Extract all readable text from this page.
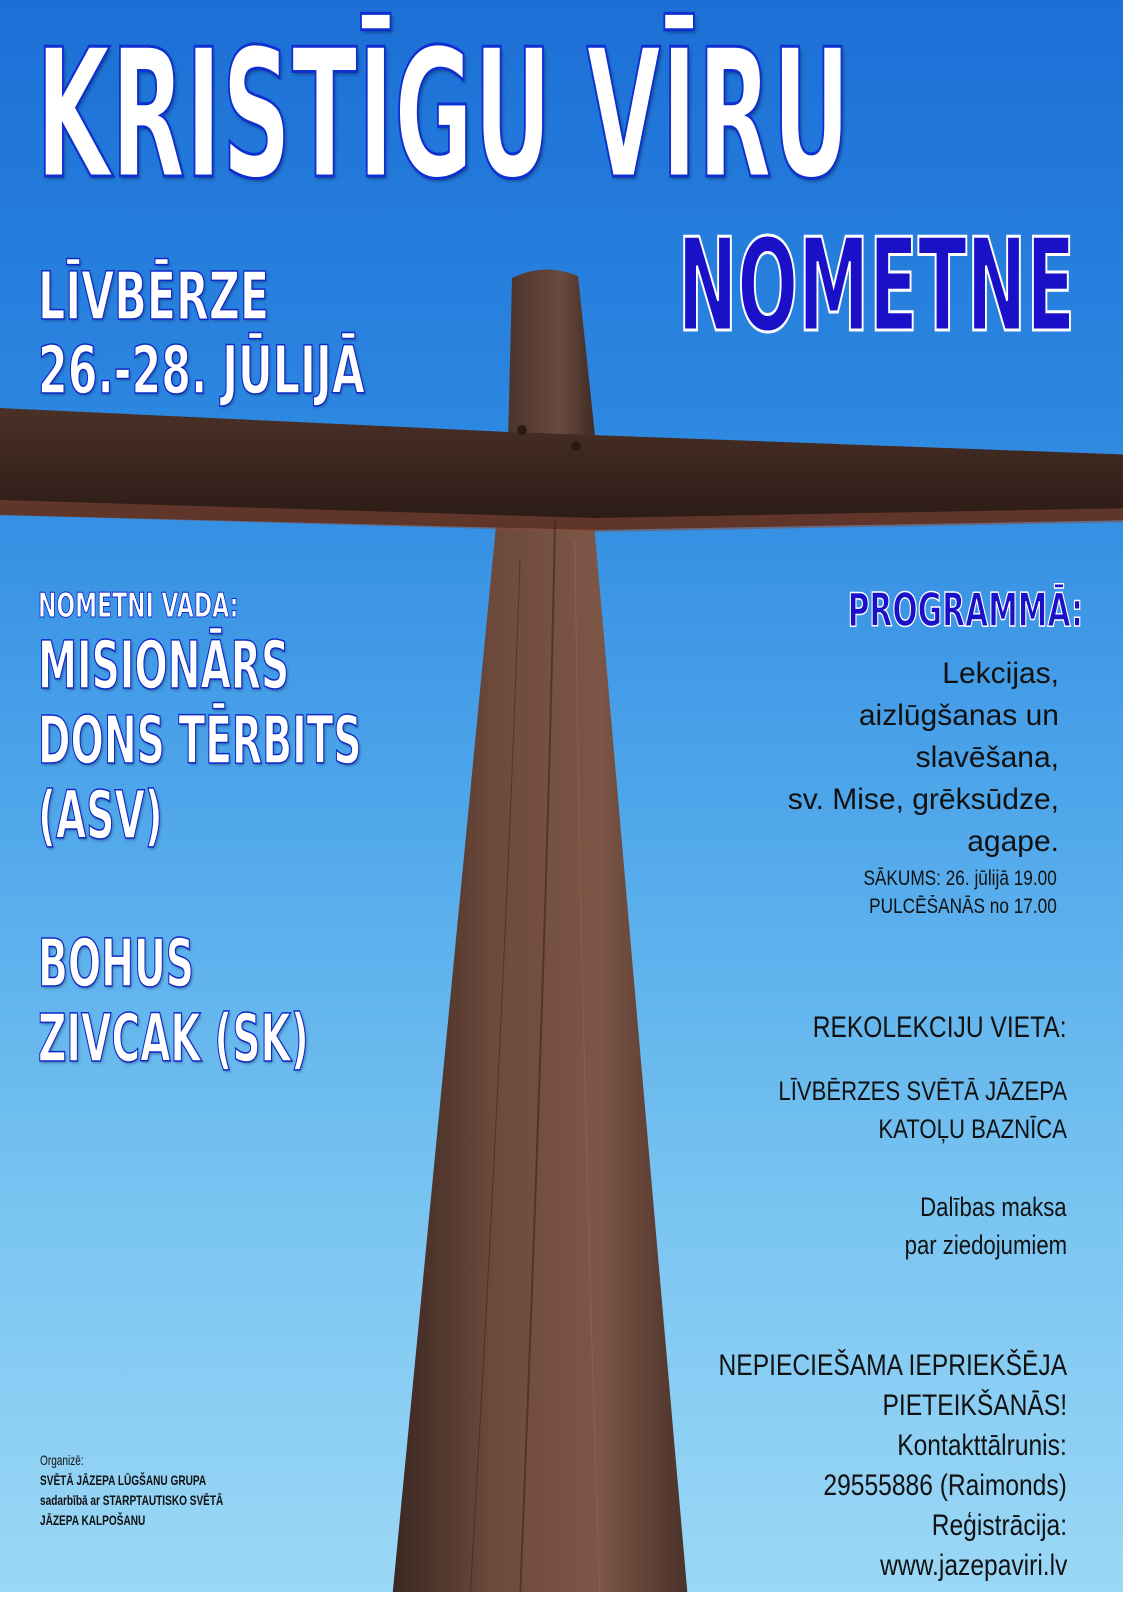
KRISTĪGU VĪRU
NOMETNE
LĪVBĒRZE
26.-28. JŪLIJĀ
NOMETNI VADA:
MISIONĀRS
DONS TĒRBITS
(ASV)
BOHUS
ZIVCAK (SK)
PROGRAMMĀ:
Lekcijas,
aizlūgšanas un
slavēšana,
sv. Mise, grēksūdze,
agape.
SĀKUMS: 26. jūlijā 19.00
PULCĒŠANĀS no 17.00
REKOLEKCIJU VIETA:
LĪVBĒRZES SVĒTĀ JĀZEPA
KATOĻU BAZNĪCA
Dalības maksa
par ziedojumiem
NEPIECIEŠAMA IEPRIEKŠĒJA
PIETEIKŠANĀS!
Kontakttālrunis:
29555886 (Raimonds)
Reģistrācija:
www.jazepaviri.lv
Organizē:
SVĒTĀ JĀZEPA LŪGŠANU GRUPA
sadarbībā ar STARPTAUTISKO SVĒTĀ
JĀZEPA KALPOŠANU
